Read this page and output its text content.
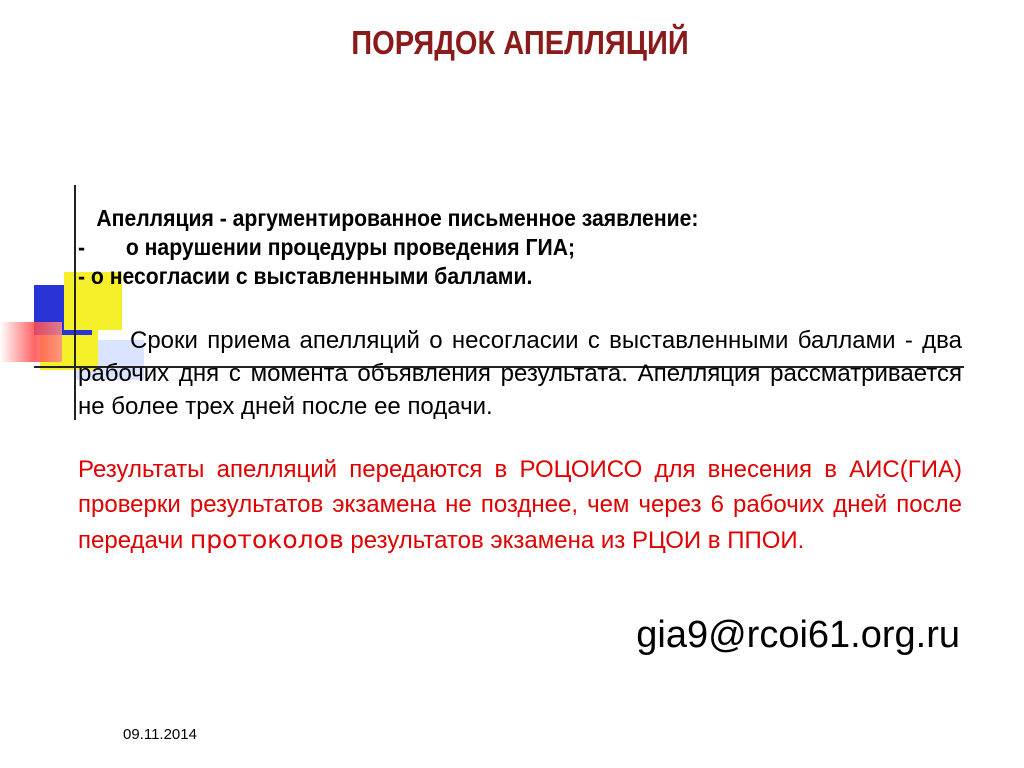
ПОРЯДОК АПЕЛЛЯЦИЙ
Апелляция - аргументированное письменное заявление:
-	о нарушении процедуры проведения ГИА;
- о несогласии с выставленными баллами.
Сроки приема апелляций о несогласии с выставленными баллами - два рабочих дня с момента объявления результата. Апелляция рассматривается не более трех дней после ее подачи.
Результаты апелляций передаются в РОЦОИСО для внесения в АИС(ГИА) проверки результатов экзамена не позднее, чем через 6 рабочих дней после передачи протоколов результатов экзамена из РЦОИ в ППОИ.
gia9@rcoi61.org.ru
09.11.2014
